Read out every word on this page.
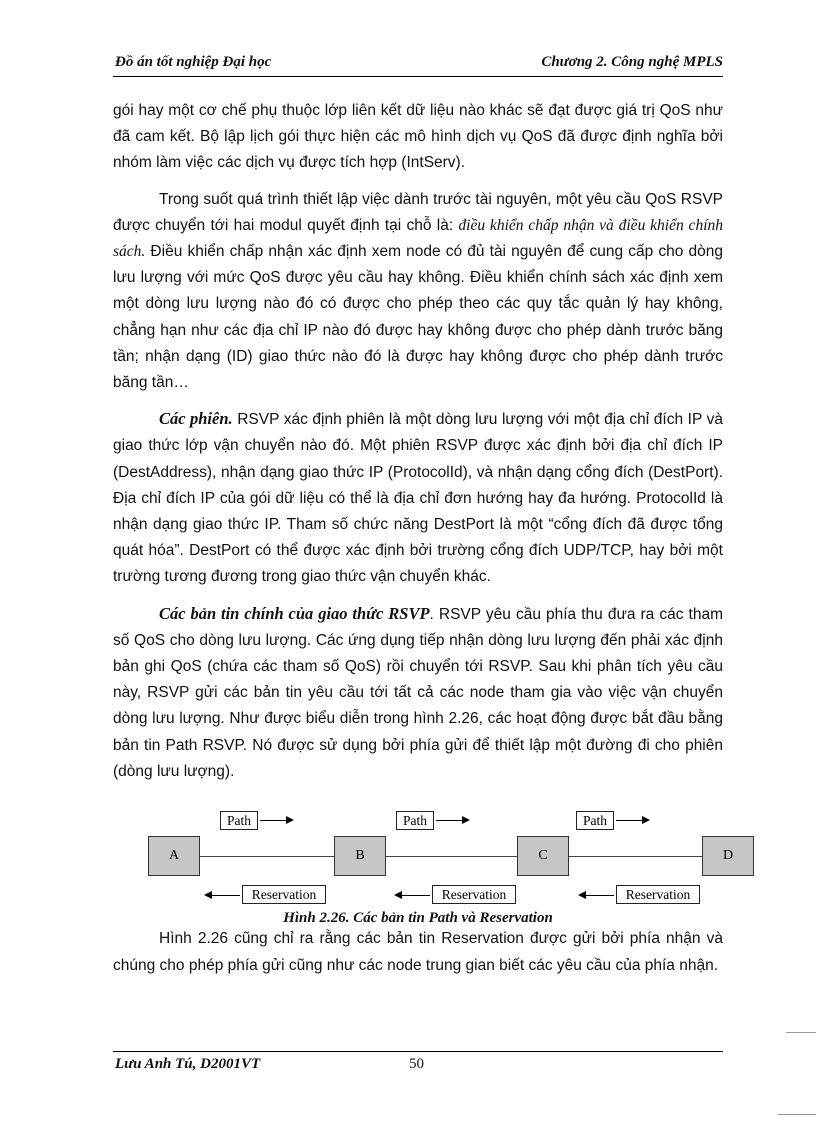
Đồ án tốt nghiệp Đại học	Chương 2. Công nghệ MPLS

gói hay một cơ chế phụ thuộc lớp liên kết dữ liệu nào khác sẽ đạt được giá trị QoS như đã cam kết. Bộ lập lịch gói thực hiện các mô hình dịch vụ QoS đã được định nghĩa bởi nhóm làm việc các dịch vụ được tích hợp (IntServ).

Trong suốt quá trình thiết lập việc dành trước tài nguyên, một yêu cầu QoS RSVP được chuyển tới hai modul quyết định tại chỗ là: điều khiển chấp nhận và điều khiển chính sách. Điều khiển chấp nhận xác định xem node có đủ tài nguyên để cung cấp cho dòng lưu lượng với mức QoS được yêu cầu hay không. Điều khiển chính sách xác định xem một dòng lưu lượng nào đó có được cho phép theo các quy tắc quản lý hay không, chẳng hạn như các địa chỉ IP nào đó được hay không được cho phép dành trước băng tần; nhận dạng (ID) giao thức nào đó là được hay không được cho phép dành trước băng tần…

Các phiên. RSVP xác định phiên là một dòng lưu lượng với một địa chỉ đích IP và giao thức lớp vận chuyển nào đó. Một phiên RSVP được xác định bởi địa chỉ đích IP (DestAddress), nhận dạng giao thức IP (ProtocolId), và nhận dạng cổng đích (DestPort). Địa chỉ đích IP của gói dữ liệu có thể là địa chỉ đơn hướng hay đa hướng. ProtocolId là nhận dạng giao thức IP. Tham số chức năng DestPort là một “cổng đích đã được tổng quát hóa”. DestPort có thể được xác định bởi trường cổng đích UDP/TCP, hay bởi một trường tương đương trong giao thức vận chuyển khác.

Các bản tin chính của giao thức RSVP. RSVP yêu cầu phía thu đưa ra các tham số QoS cho dòng lưu lượng. Các ứng dụng tiếp nhận dòng lưu lượng đến phải xác định bản ghi QoS (chứa các tham số QoS) rồi chuyển tới RSVP. Sau khi phân tích yêu cầu này, RSVP gửi các bản tin yêu cầu tới tất cả các node tham gia vào việc vận chuyển dòng lưu lượng. Như được biểu diễn trong hình 2.26, các hoạt động được bắt đầu bằng bản tin Path RSVP. Nó được sử dụng bởi phía gửi để thiết lập một đường đi cho phiên (dòng lưu lượng).

A	B	C	D
Path	Path	Path
Reservation	Reservation	Reservation
Hình 2.26. Các bản tin Path và Reservation

Hình 2.26 cũng chỉ ra rằng các bản tin Reservation được gửi bởi phía nhận và chúng cho phép phía gửi cũng như các node trung gian biết các yêu cầu của phía nhận.

Lưu Anh Tú, D2001VT	50
